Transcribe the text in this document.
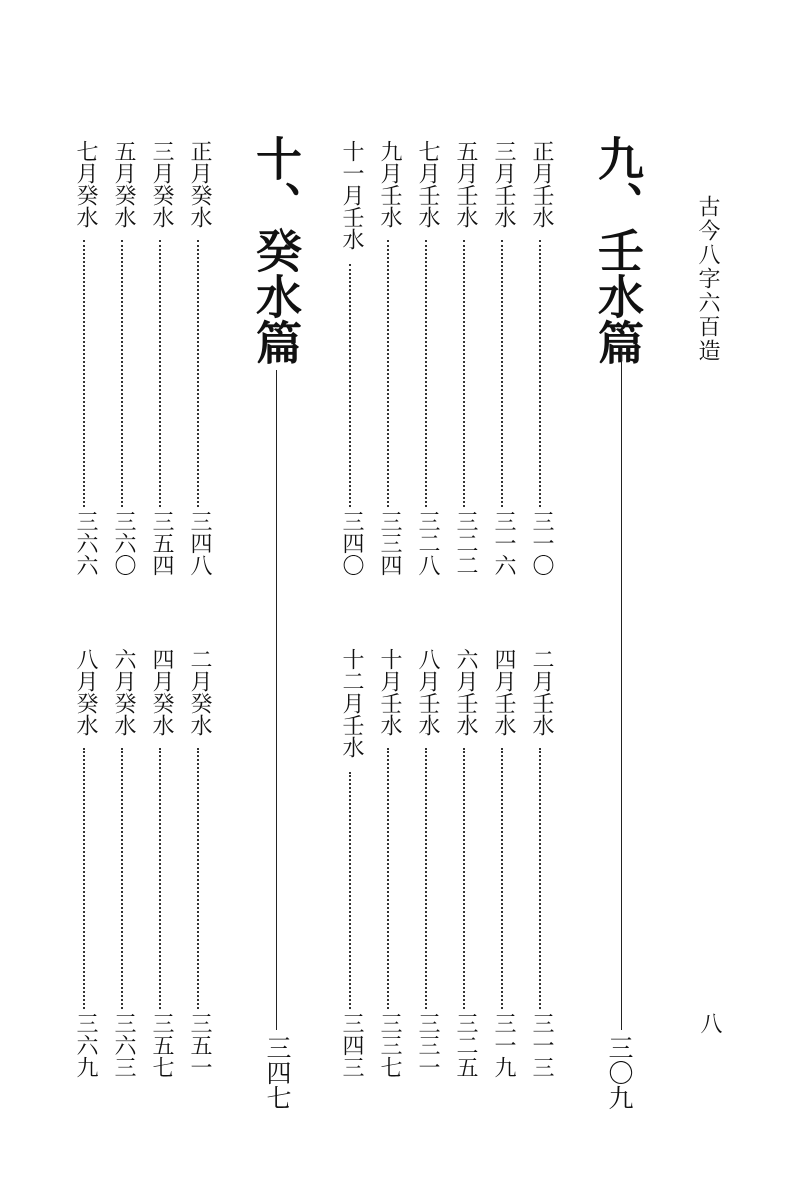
古今八字六百造
八
九、壬水篇
三〇九
十、癸水篇
三四七
正月壬水
三一〇
三月壬水
三一六
五月壬水
三二二
七月壬水
三二八
九月壬水
三三四
十一月壬水
三四〇
二月壬水
三一三
四月壬水
三一九
六月壬水
三二五
八月壬水
三三一
十月壬水
三三七
十二月壬水
三四三
正月癸水
三四八
三月癸水
三五四
五月癸水
三六〇
七月癸水
三六六
二月癸水
三五一
四月癸水
三五七
六月癸水
三六三
八月癸水
三六九
